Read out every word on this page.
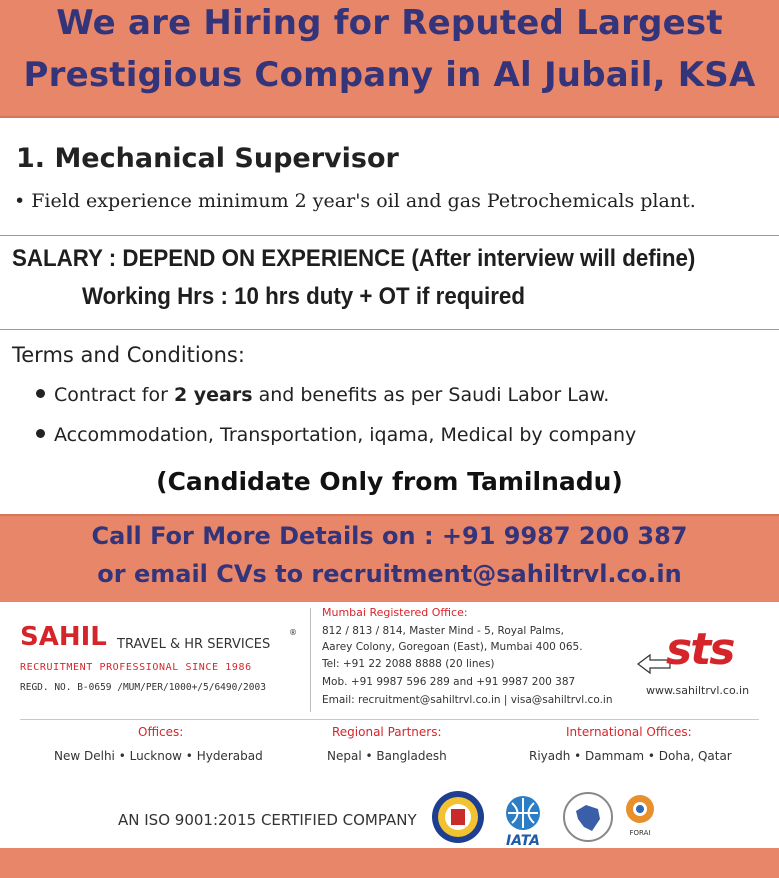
We are Hiring for Reputed Largest
Prestigious Company in Al Jubail, KSA
1. Mechanical Supervisor
• Field experience minimum 2 year's oil and gas Petrochemicals plant.
SALARY : DEPEND ON EXPERIENCE (After interview will define)
Working Hrs : 10 hrs duty + OT if required
Terms and Conditions:
Contract for 2 years and benefits as per Saudi Labor Law.
Accommodation, Transportation, iqama, Medical by company
(Candidate Only from Tamilnadu)
Call For More Details on : +91 9987 200 387
or email CVs to recruitment@sahiltrvl.co.in
SAHIL TRAVEL & HR SERVICES
®
RECRUITMENT PROFESSIONAL SINCE 1986
REGD. NO. B-0659 /MUM/PER/1000+/5/6490/2003
Mumbai Registered Office:
812 / 813 / 814, Master Mind - 5, Royal Palms,
Aarey Colony, Goregoan (East), Mumbai 400 065.
Tel: +91 22 2088 8888 (20 lines)
Mob. +91 9987 596 289 and +91 9987 200 387
Email: recruitment@sahiltrvl.co.in | visa@sahiltrvl.co.in
sts
www.sahiltrvl.co.in
Offices:
New Delhi • Lucknow • Hyderabad
Regional Partners:
Nepal • Bangladesh
International Offices:
Riyadh • Dammam • Doha, Qatar
AN ISO 9001:2015 CERTIFIED COMPANY
IATA	FORAI
